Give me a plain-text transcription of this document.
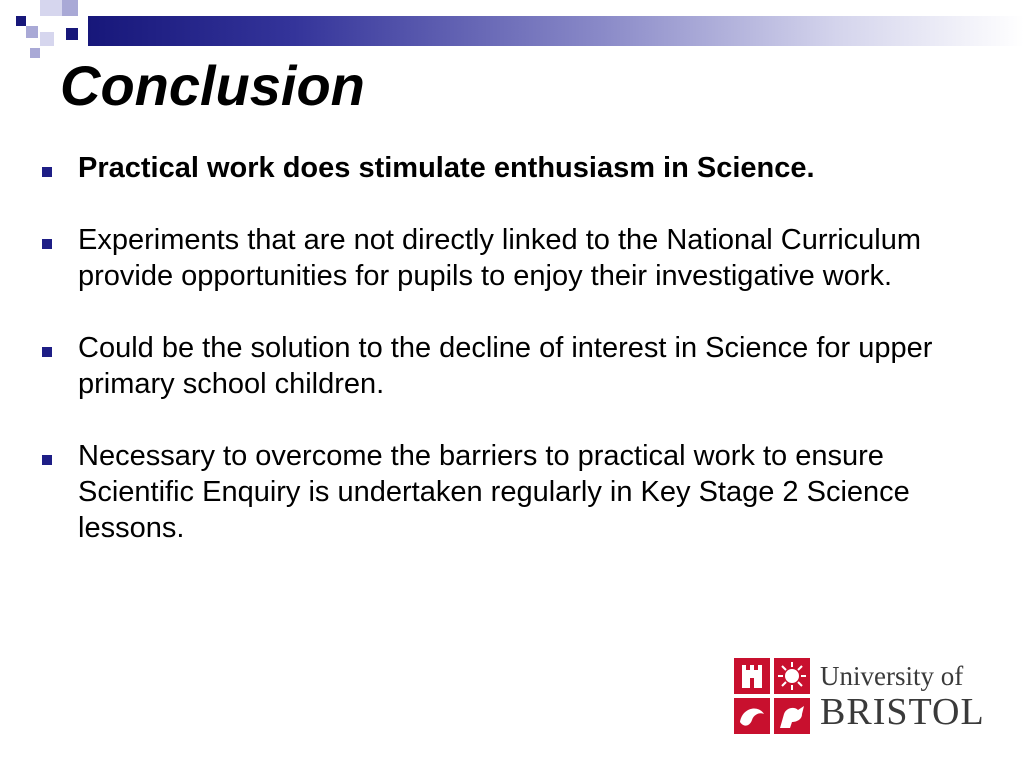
Conclusion
Practical work does stimulate enthusiasm in Science.
Experiments that are not directly linked to the National Curriculum provide opportunities for pupils to enjoy their investigative work.
Could be the solution to the decline of interest in Science for upper primary school children.
Necessary to overcome the barriers to practical work to ensure Scientific Enquiry is undertaken regularly in Key Stage 2 Science lessons.
University of
BRISTOL
